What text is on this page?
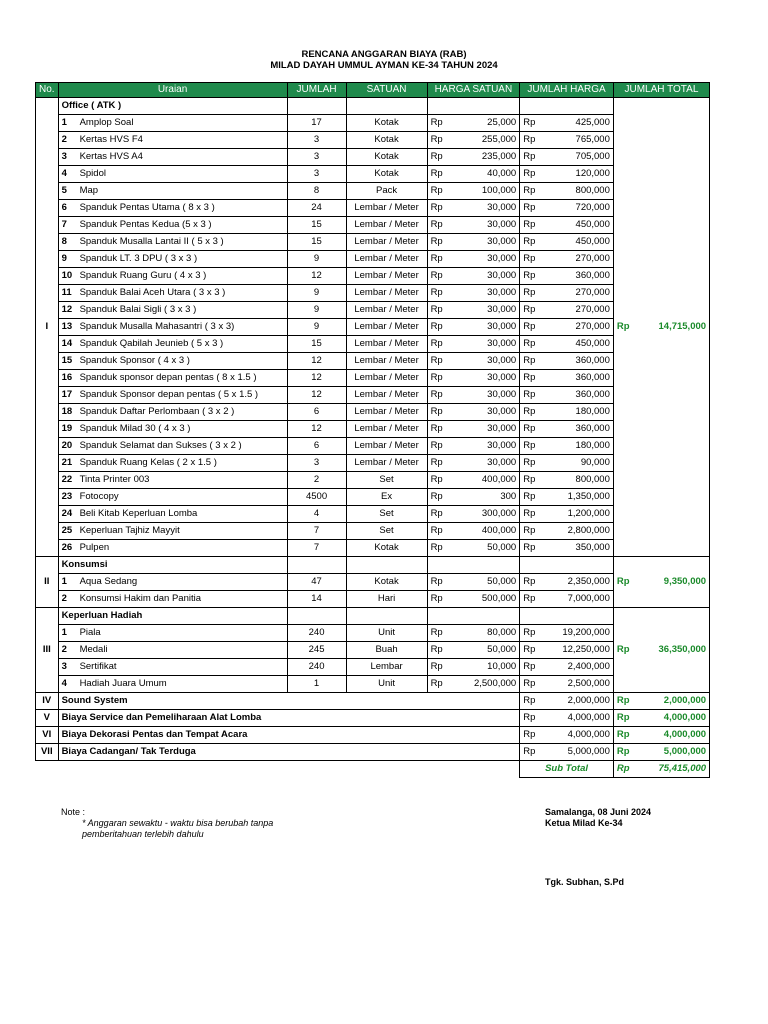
RENCANA ANGGARAN BIAYA (RAB)
MILAD DAYAH UMMUL AYMAN KE-34 TAHUN 2024
No.	Uraian	JUMLAH	SATUAN	HARGA SATUAN		JUMLAH HARGA		JUMLAH TOTAL	
I	Office ( ATK )							Rp	14,715,000
	1 Amplop Soal	17	Kotak	Rp	25,000	Rp	425,000		
	2 Kertas HVS F4	3	Kotak	Rp	255,000	Rp	765,000		
	3 Kertas HVS A4	3	Kotak	Rp	235,000	Rp	705,000		
	4 Spidol	3	Kotak	Rp	40,000	Rp	120,000		
	5 Map	8	Pack	Rp	100,000	Rp	800,000		
	6 Spanduk Pentas Utama ( 8 x 3 )	24	Lembar / Meter	Rp	30,000	Rp	720,000		
	7 Spanduk Pentas Kedua (5 x 3 )	15	Lembar / Meter	Rp	30,000	Rp	450,000		
	8 Spanduk Musalla Lantai II ( 5 x 3 )	15	Lembar / Meter	Rp	30,000	Rp	450,000		
	9 Spanduk LT. 3 DPU ( 3 x 3 )	9	Lembar / Meter	Rp	30,000	Rp	270,000		
	10 Spanduk Ruang Guru ( 4 x 3 )	12	Lembar / Meter	Rp	30,000	Rp	360,000		
	11 Spanduk Balai Aceh Utara ( 3 x 3 )	9	Lembar / Meter	Rp	30,000	Rp	270,000		
	12 Spanduk Balai Sigli ( 3 x 3 )	9	Lembar / Meter	Rp	30,000	Rp	270,000		
	13 Spanduk Musalla Mahasantri ( 3 x 3)	9	Lembar / Meter	Rp	30,000	Rp	270,000		
	14 Spanduk Qabilah Jeunieb ( 5 x 3 )	15	Lembar / Meter	Rp	30,000	Rp	450,000		
	15 Spanduk Sponsor ( 4 x 3 )	12	Lembar / Meter	Rp	30,000	Rp	360,000		
	16 Spanduk sponsor depan pentas ( 8 x 1.5 )	12	Lembar / Meter	Rp	30,000	Rp	360,000		
	17 Spanduk Sponsor depan pentas ( 5 x 1.5 )	12	Lembar / Meter	Rp	30,000	Rp	360,000		
	18 Spanduk Daftar Perlombaan ( 3 x 2 )	6	Lembar / Meter	Rp	30,000	Rp	180,000		
	19 Spanduk Milad 30 ( 4 x 3 )	12	Lembar / Meter	Rp	30,000	Rp	360,000		
	20 Spanduk Selamat dan Sukses ( 3 x 2 )	6	Lembar / Meter	Rp	30,000	Rp	180,000		
	21 Spanduk Ruang Kelas ( 2 x 1.5 )	3	Lembar / Meter	Rp	30,000	Rp	90,000		
	22 Tinta Printer 003	2	Set	Rp	400,000	Rp	800,000		
	23 Fotocopy	4500	Ex	Rp	300	Rp	1,350,000		
	24 Beli Kitab Keperluan Lomba	4	Set	Rp	300,000	Rp	1,200,000		
	25 Keperluan Tajhiz Mayyit	7	Set	Rp	400,000	Rp	2,800,000		
	26 Pulpen	7	Kotak	Rp	50,000	Rp	350,000		
II	Konsumsi							Rp	9,350,000
	1 Aqua Sedang	47	Kotak	Rp	50,000	Rp	2,350,000		
	2 Konsumsi Hakim dan Panitia	14	Hari	Rp	500,000	Rp	7,000,000		
III	Keperluan Hadiah							Rp	36,350,000
	1 Piala	240	Unit	Rp	80,000	Rp	19,200,000		
	2 Medali	245	Buah	Rp	50,000	Rp	12,250,000		
	3 Sertifikat	240	Lembar	Rp	10,000	Rp	2,400,000		
	4 Hadiah Juara Umum	1	Unit	Rp	2,500,000	Rp	2,500,000		
IV	Sound System					Rp	2,000,000	Rp	2,000,000
V	Biaya Service dan Pemeliharaan Alat Lomba					Rp	4,000,000	Rp	4,000,000
VI	Biaya Dekorasi Pentas dan Tempat Acara					Rp	4,000,000	Rp	4,000,000
VII	Biaya Cadangan/ Tak Terduga					Rp	5,000,000	Rp	5,000,000
						Sub Total		Rp	75,415,000
Note :
* Anggaran sewaktu - waktu bisa berubah tanpa
pemberitahuan terlebih dahulu
Samalanga, 08 Juni 2024
Ketua Milad Ke-34
Tgk. Subhan, S.Pd
